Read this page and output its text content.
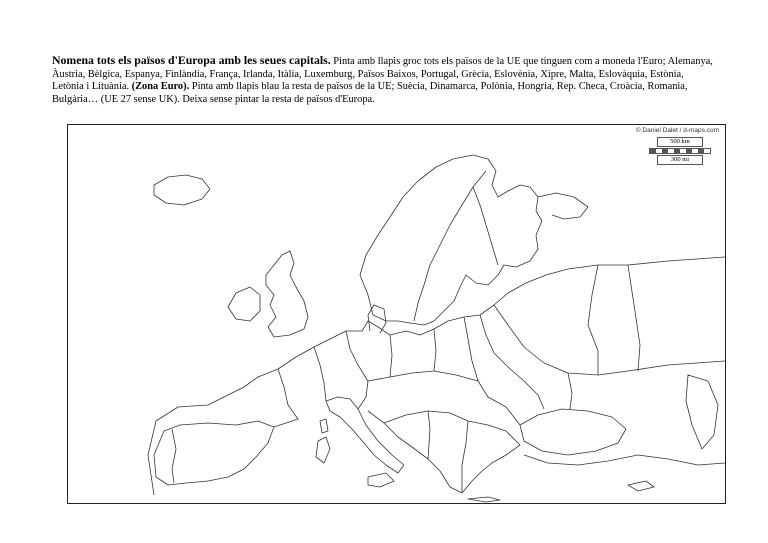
Nomena tots els països d'Europa amb les seues capitals. Pinta amb llapis groc tots els països de la UE que tinguen com a moneda l'Euro; Alemanya, Àustria, Bèlgica, Espanya, Finlàndia, França, Irlanda, Itàlia, Luxemburg, Països Baixos, Portugal, Grècia, Eslovènia, Xipre, Malta, Eslovàquia, Estònia, Letònia i Lituània. (Zona Euro). Pinta amb llapis blau la resta de països de la UE; Suècia, Dinamarca, Polònia, Hongria, Rep. Checa, Croàcia, Romania, Bulgària… (UE 27 sense UK). Deixa sense pintar la resta de països d'Europa.
© Daniel Dalet / d-maps.com
500 km
300 mi
